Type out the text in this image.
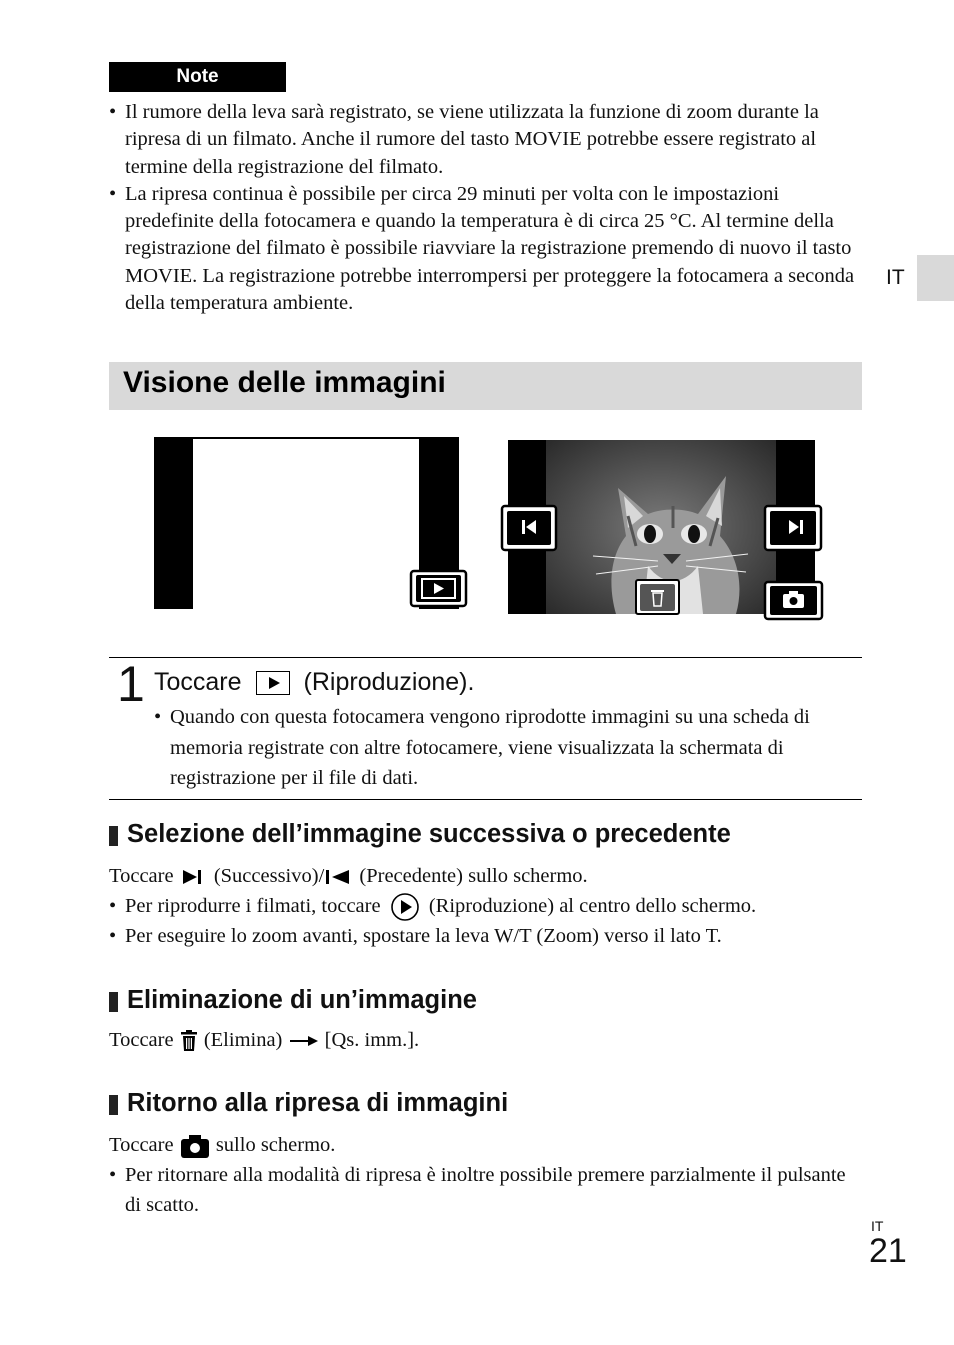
Note
• Il rumore della leva sarà registrato, se viene utilizzata la funzione di zoom durante la ripresa di un filmato. Anche il rumore del tasto MOVIE potrebbe essere registrato al termine della registrazione del filmato.
• La ripresa continua è possibile per circa 29 minuti per volta con le impostazioni predefinite della fotocamera e quando la temperatura è di circa 25 °C. Al termine della registrazione del filmato è possibile riavviare la registrazione premendo di nuovo il tasto MOVIE. La registrazione potrebbe interrompersi per proteggere la fotocamera a seconda della temperatura ambiente.
IT
Visione delle immagini
1 Toccare (Riproduzione).
• Quando con questa fotocamera vengono riprodotte immagini su una scheda di memoria registrate con altre fotocamere, viene visualizzata la schermata di registrazione per il file di dati.
Selezione dell’immagine successiva o precedente
Toccare (Successivo)/ (Precedente) sullo schermo.
• Per riprodurre i filmati, toccare (Riproduzione) al centro dello schermo.
• Per eseguire lo zoom avanti, spostare la leva W/T (Zoom) verso il lato T.
Eliminazione di un’immagine
Toccare (Elimina) [Qs. imm.].
Ritorno alla ripresa di immagini
Toccare sullo schermo.
• Per ritornare alla modalità di ripresa è inoltre possibile premere parzialmente il pulsante di scatto.
IT
21
